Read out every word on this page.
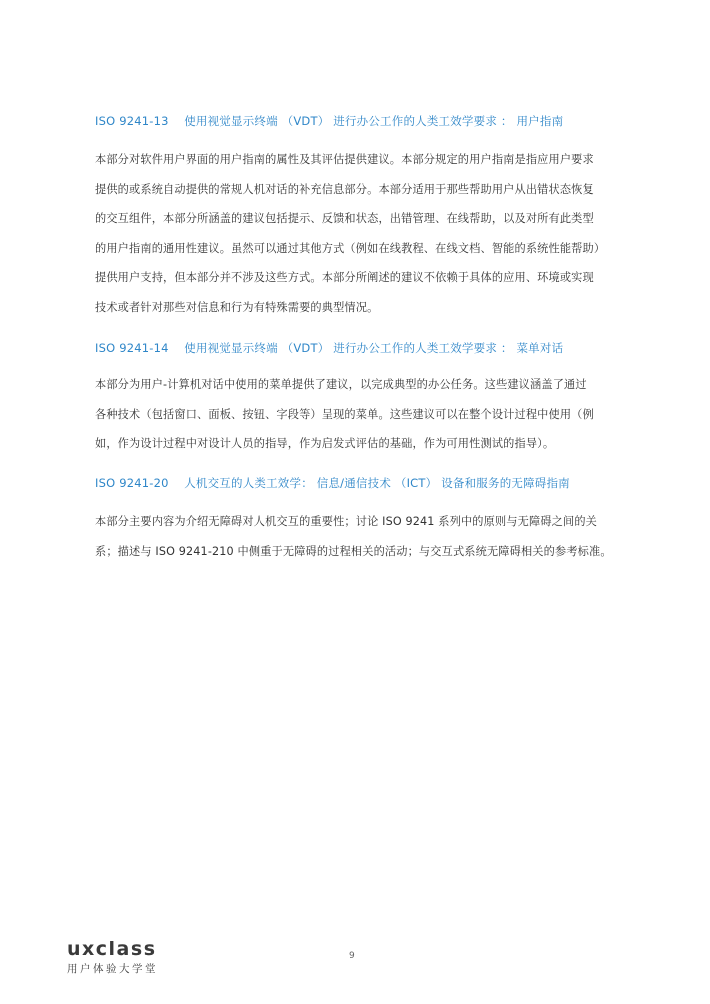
ISO 9241-13　 使用视觉显示终端 （VDT） 进行办公工作的人类工效学要求 ： 用户指南
本部分对软件用户界面的用户指南的属性及其评估提供建议。本部分规定的用户指南是指应用户要求
提供的或系统自动提供的常规人机对话的补充信息部分。本部分适用于那些帮助用户从出错状态恢复
的交互组件，本部分所涵盖的建议包括提示、反馈和状态，出错管理、在线帮助，以及对所有此类型
的用户指南的通用性建议。虽然可以通过其他方式（例如在线教程、在线文档、智能的系统性能帮助）
提供用户支持，但本部分并不涉及这些方式。本部分所阐述的建议不依赖于具体的应用、环境或实现
技术或者针对那些对信息和行为有特殊需要的典型情况。
ISO 9241-14　 使用视觉显示终端 （VDT） 进行办公工作的人类工效学要求 ： 菜单对话
本部分为用户-计算机对话中使用的菜单提供了建议，以完成典型的办公任务。这些建议涵盖了通过
各种技术（包括窗口、面板、按钮、字段等）呈现的菜单。这些建议可以在整个设计过程中使用（例
如，作为设计过程中对设计人员的指导，作为启发式评估的基础，作为可用性测试的指导）。
ISO 9241-20　 人机交互的人类工效学： 信息/通信技术 （ICT） 设备和服务的无障碍指南
本部分主要内容为介绍无障碍对人机交互的重要性；讨论 ISO 9241 系列中的原则与无障碍之间的关
系；描述与 ISO 9241-210 中侧重于无障碍的过程相关的活动；与交互式系统无障碍相关的参考标准。
uxclass
用户体验大学堂
9
